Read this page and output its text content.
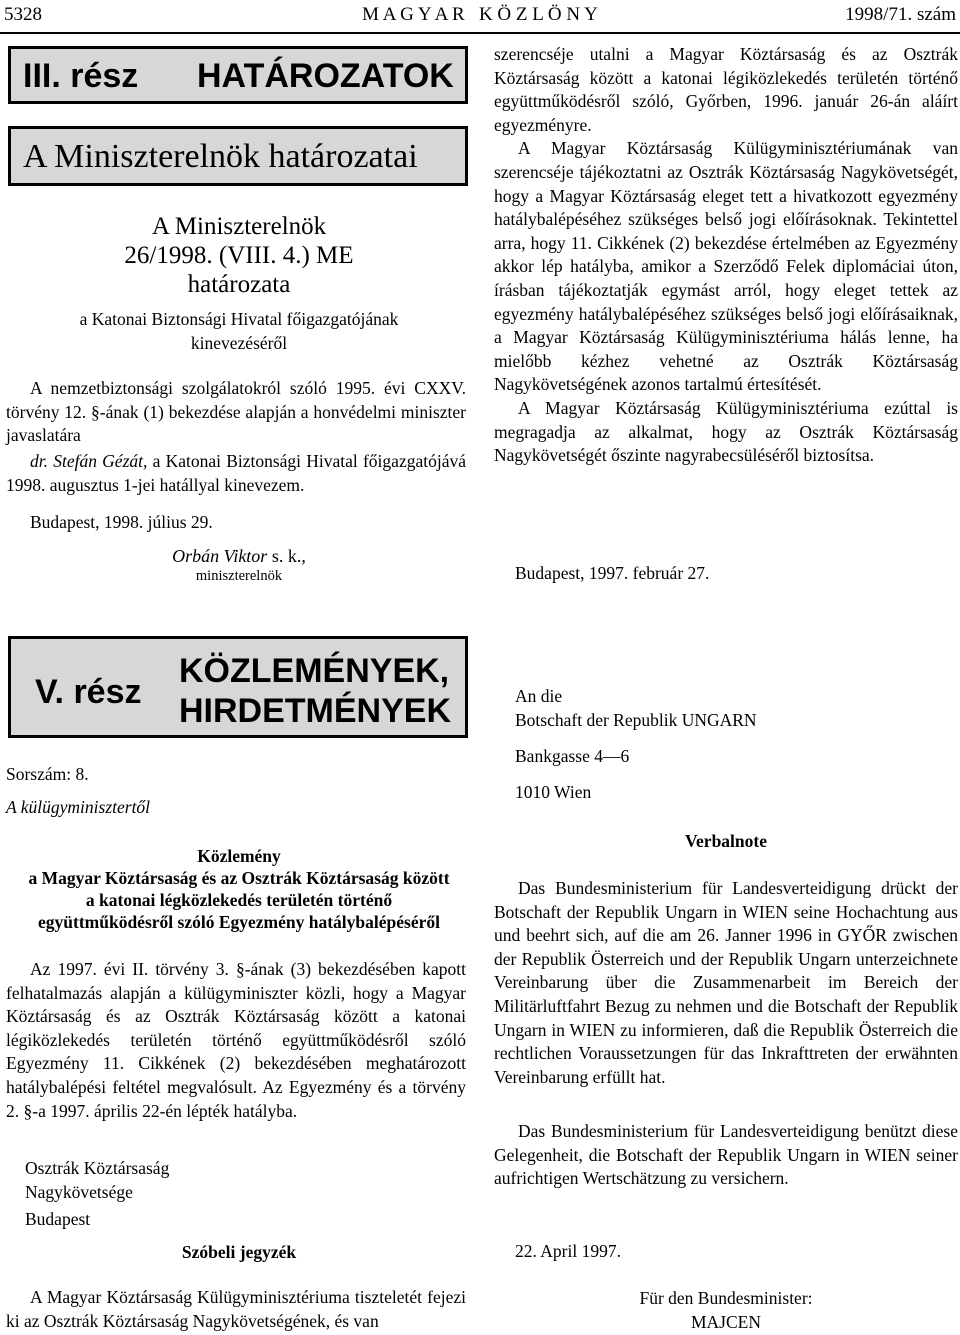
5328	M A G Y A R   K Ö Z L Ö N Y	1998/71. szám
III. rész HATÁROZATOK
A Miniszterelnök határozatai
A Miniszterelnök
26/1998. (VIII. 4.) ME
határozata
a Katonai Biztonsági Hivatal főigazgatójának
kinevezéséről

A nemzetbiztonsági szolgálatokról szóló 1995. évi CXXV. törvény 12. §-ának (1) bekezdése alapján a honvédelmi miniszter javaslatára

dr. Stefán Gézát, a Katonai Biztonsági Hivatal főigazgatójává 1998. augusztus 1-jei hatállyal kinevezem.

Budapest, 1998. július 29.
Orbán Viktor s. k.,
miniszterelnök

szerencséje utalni a Magyar Köztársaság és az Osztrák Köztársaság között a katonai légiközlekedés területén történő együttműködésről szóló, Győrben, 1996. január 26-án aláírt egyezményre.

A Magyar Köztársaság Külügyminisztériumának van szerencséje tájékoztatni az Osztrák Köztársaság Nagykövetségét, hogy a Magyar Köztársaság eleget tett a hivatkozott egyezmény hatálybalépéséhez szükséges belső jogi előírásoknak. Tekintettel arra, hogy 11. Cikkének (2) bekezdése értelmében az Egyezmény akkor lép hatályba, amikor a Szerződő Felek diplomáciai úton, írásban tájékoztatják egymást arról, hogy eleget tettek az egyezmény hatálybalépéséhez szükséges belső jogi előírásaiknak, a Magyar Köztársaság Külügyminisztériuma hálás lenne, ha mielőbb kézhez vehetné az Osztrák Köztársaság Nagykövetségének azonos tartalmú értesítését.

A Magyar Köztársaság Külügyminisztériuma ezúttal is megragadja az alkalmat, hogy az Osztrák Köztársaság Nagykövetségét őszinte nagyrabecsüléséről biztosítsa.

Budapest, 1997. február 27.
V. rész
KÖZLEMÉNYEK,
HIRDETMÉNYEK
Sorszám: 8.
A külügyminisztertől
Közlemény
a Magyar Köztársaság és az Osztrák Köztársaság között
a katonai légközlekedés területén történő
együttműködésről szóló Egyezmény hatálybalépéséről

Az 1997. évi II. törvény 3. §-ának (3) bekezdésében kapott felhatalmazás alapján a külügyminiszter közli, hogy a Magyar Köztársaság és az Osztrák Köztársaság között a katonai légiközlekedés területén történő együttműködésről szóló Egyezmény 11. Cikkének (2) bekezdésében meghatározott hatálybalépési feltétel megvalósult. Az Egyezmény és a törvény 2. §-a 1997. április 22-én lépték hatályba.

Osztrák Köztársaság
Nagykövetsége
Budapest
Szóbeli jegyzék

A Magyar Köztársaság Külügyminisztériuma tiszteletét fejezi ki az Osztrák Köztársaság Nagykövetségének, és van

An die
Botschaft der Republik UNGARN
Bankgasse 4—6
1010 Wien
Verbalnote

Das Bundesministerium für Landesverteidigung drückt der Botschaft der Republik Ungarn in WIEN seine Hochachtung aus und beehrt sich, auf die am 26. Janner 1996 in GYŐR zwischen der Republik Österreich und der Republik Ungarn unterzeichnete Vereinbarung über die Zusammenarbeit im Bereich der Militärluftfahrt Bezug zu nehmen und die Botschaft der Republik Ungarn in WIEN zu informieren, daß die Republik Österreich die rechtlichen Voraussetzungen für das Inkrafttreten der erwähnten Vereinbarung erfüllt hat.

Das Bundesministerium für Landesverteidigung benützt diese Gelegenheit, die Botschaft der Republik Ungarn in WIEN seiner aufrichtigen Wertschätzung zu versichern.

22. April 1997.
Für den Bundesminister:
MAJCEN
